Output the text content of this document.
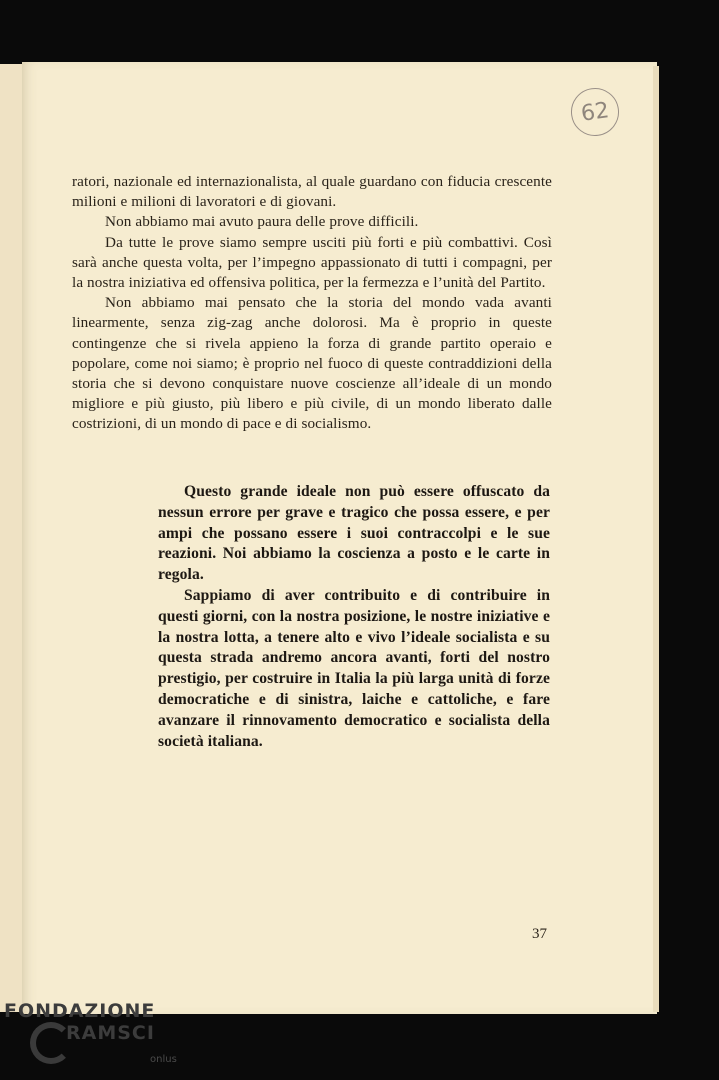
62

ratori, nazionale ed internazionalista, al quale guardano con fiducia crescente milioni e milioni di lavoratori e di giovani.

Non abbiamo mai avuto paura delle prove difficili.

Da tutte le prove siamo sempre usciti più forti e più combattivi. Così sarà anche questa volta, per l’impegno appassionato di tutti i compagni, per la nostra iniziativa ed offensiva politica, per la fermezza e l’unità del Partito.

Non abbiamo mai pensato che la storia del mondo vada avanti linearmente, senza zig-zag anche dolorosi. Ma è proprio in queste contingenze che si rivela appieno la forza di grande partito operaio e popolare, come noi siamo; è proprio nel fuoco di queste contraddizioni della storia che si devono conquistare nuove coscienze all’ideale di un mondo migliore e più giusto, più libero e più civile, di un mondo liberato dalle costrizioni, di un mondo di pace e di socialismo.

Questo grande ideale non può essere offuscato da nessun errore per grave e tragico che possa essere, e per ampi che possano essere i suoi contraccolpi e le sue reazioni. Noi abbiamo la coscienza a posto e le carte in regola.

Sappiamo di aver contribuito e di contribuire in questi giorni, con la nostra posizione, le nostre iniziative e la nostra lotta, a tenere alto e vivo l’ideale socialista e su questa strada andremo ancora avanti, forti del nostro prestigio, per costruire in Italia la più larga unità di forze democratiche e di sinistra, laiche e cattoliche, e fare avanzare il rinnovamento democratico e socialista della società italiana.

37
FONDAZIONE
RAMSCI
onlus
